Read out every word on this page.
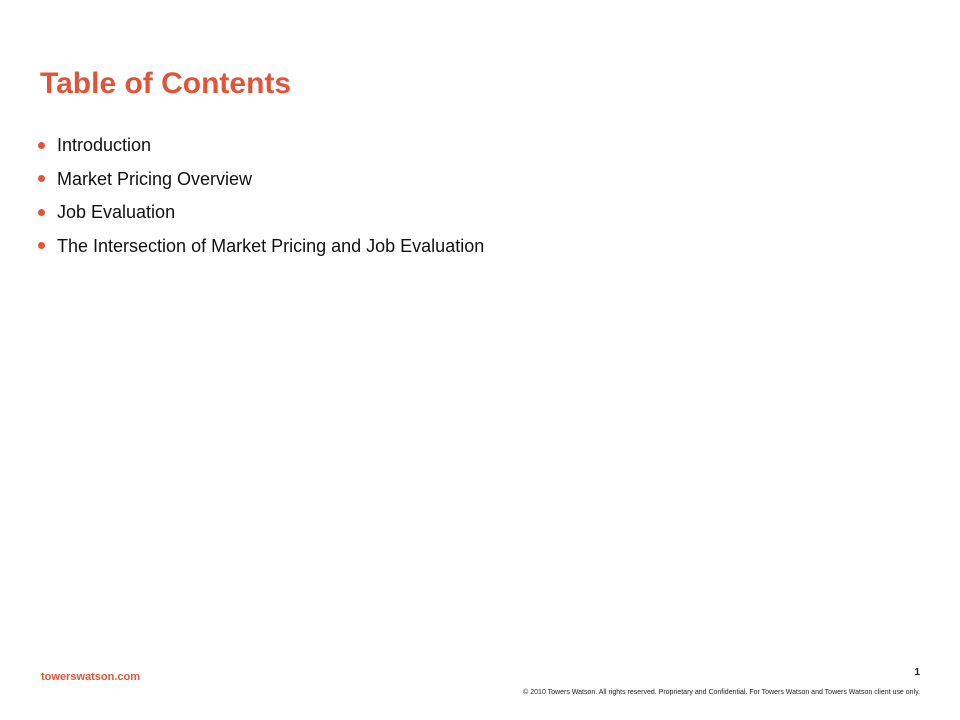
Table of Contents
Introduction
Market Pricing Overview
Job Evaluation
The Intersection of Market Pricing and Job Evaluation
towerswatson.com	1
© 2010 Towers Watson. All rights reserved. Proprietary and Confidential. For Towers Watson and Towers Watson client use only.
